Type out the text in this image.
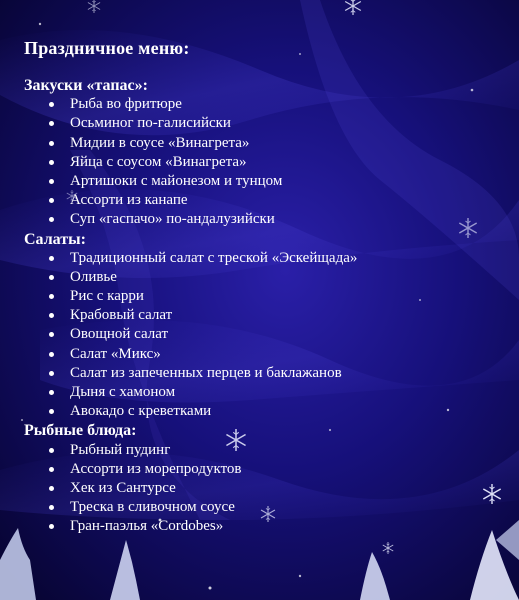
Праздничное меню:
Закуски «тапас»:
Рыба во фритюре
Осьминог по-галисийски
Мидии в соусе «Винагрета»
Яйца с соусом «Винагрета»
Артишоки с майонезом и тунцом
Ассорти из канапе
Суп «гаспачо» по-андалузийски
Салаты:
Традиционный салат с треской «Эскейщада»
Оливье
Рис с карри
Крабовый салат
Овощной салат
Салат «Микс»
Салат из запеченных перцев и баклажанов
Дыня с хамоном
Авокадо с креветками
Рыбные блюда:
Рыбный пудинг
Ассорти из морепродуктов
Хек из Сантурсе
Треска в сливочном соусе
Гран-паэлья «Cordobes»
